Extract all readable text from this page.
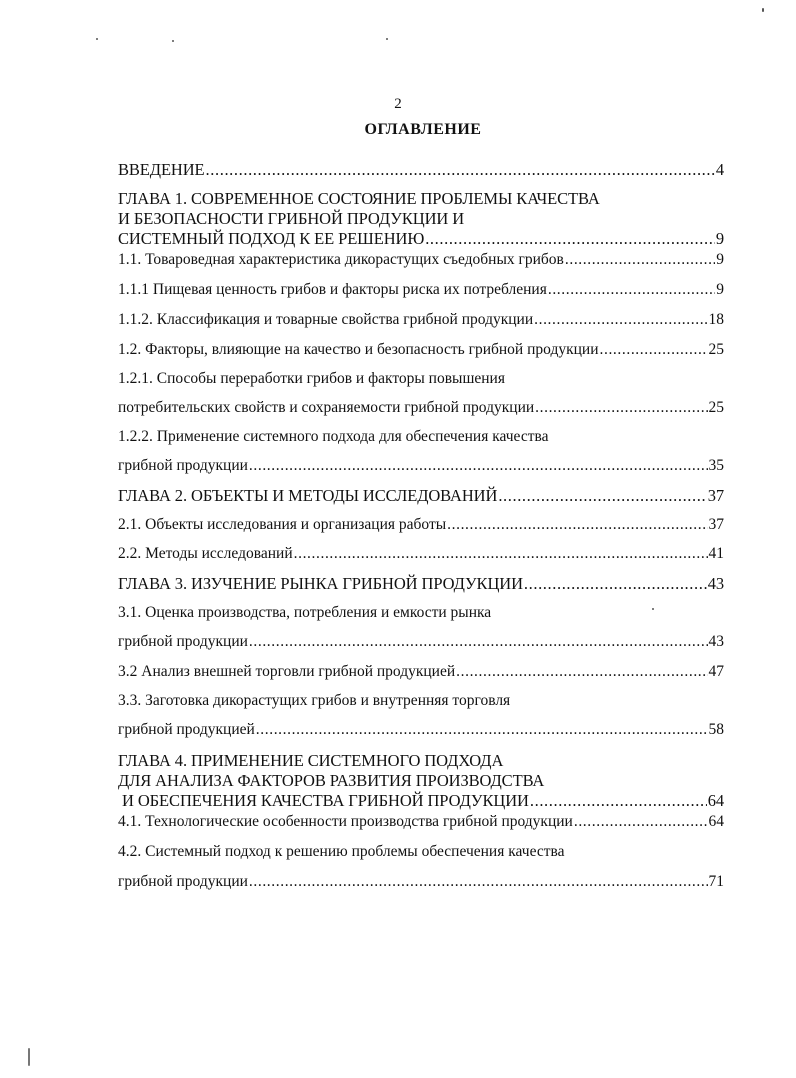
2
ОГЛАВЛЕНИЕ
ВВЕДЕНИЕ .....	4
ГЛАВА 1. СОВРЕМЕННОЕ СОСТОЯНИЕ ПРОБЛЕМЫ КАЧЕСТВА
И БЕЗОПАСНОСТИ ГРИБНОЙ ПРОДУКЦИИ И
СИСТЕМНЫЙ ПОДХОД К ЕЕ РЕШЕНИЮ .....	9
1.1. Товароведная характеристика дикорастущих съедобных грибов .....	9
1.1.1 Пищевая ценность грибов и факторы риска их потребления .....	9
1.1.2. Классификация и товарные свойства грибной продукции .....	18
1.2. Факторы, влияющие на качество и безопасность грибной продукции .....	25
1.2.1. Способы переработки грибов и факторы повышения
потребительских свойств и сохраняемости грибной продукции .....	25
1.2.2. Применение системного подхода для обеспечения качества
грибной продукции .....	35
ГЛАВА 2. ОБЪЕКТЫ И МЕТОДЫ ИССЛЕДОВАНИЙ .....	37
2.1. Объекты исследования и организация работы .....	37
2.2. Методы исследований .....	41
ГЛАВА 3. ИЗУЧЕНИЕ РЫНКА ГРИБНОЙ ПРОДУКЦИИ .....	43
3.1. Оценка производства, потребления и емкости рынка
грибной продукции .....	43
3.2 Анализ внешней торговли грибной продукцией .....	47
3.3. Заготовка дикорастущих грибов и внутренняя торговля
грибной продукцией .....	58
ГЛАВА 4. ПРИМЕНЕНИЕ СИСТЕМНОГО ПОДХОДА
ДЛЯ АНАЛИЗА ФАКТОРОВ РАЗВИТИЯ ПРОИЗВОДСТВА
И ОБЕСПЕЧЕНИЯ КАЧЕСТВА ГРИБНОЙ ПРОДУКЦИИ .....	64
4.1. Технологические особенности производства грибной продукции .....	64
4.2. Системный подход к решению проблемы обеспечения качества
грибной продукции .....	71
